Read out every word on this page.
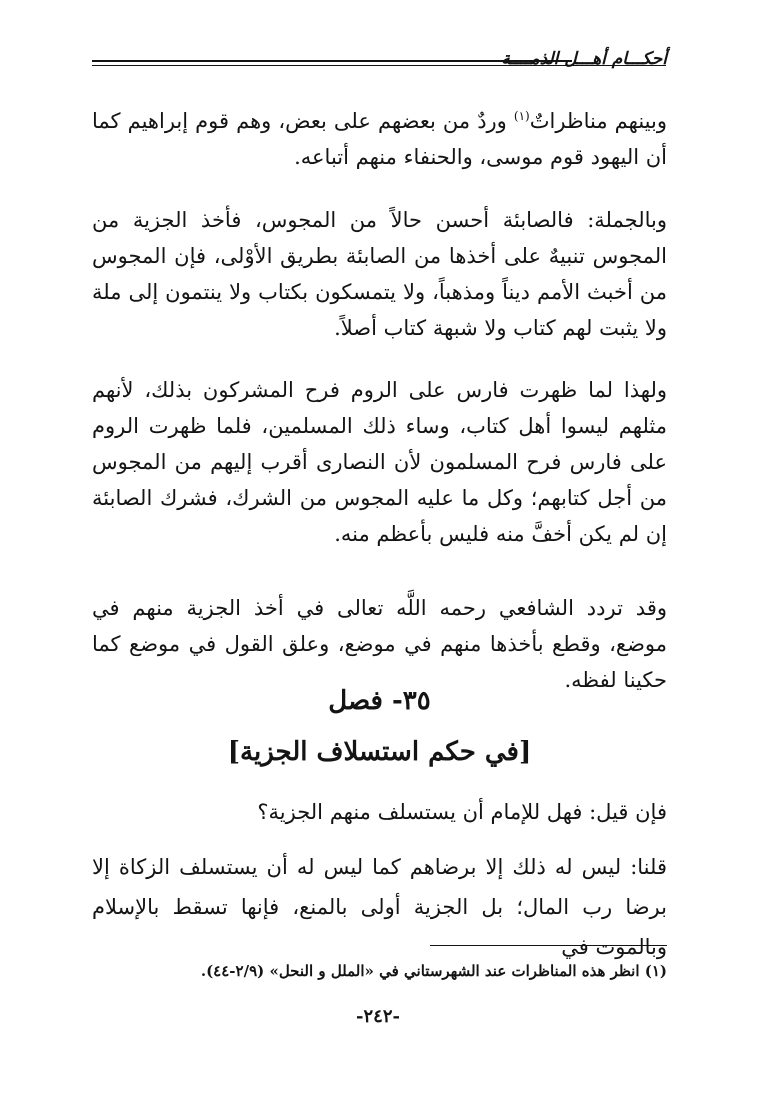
أحكـــام أهـــل الذمــــة

وبينهم مناظراتٌ$^{(١)}$ وردٌ من بعضهم على بعض، وهم قوم إبراهيم كما أن اليهود قوم موسى، والحنفاء منهم أتباعه.

وبالجملة: فالصابئة أحسن حالاً من المجوس، فأخذ الجزية من المجوس تنبيهٌ على أخذها من الصابئة بطريق الأوْلى، فإن المجوس من أخبث الأمم ديناً ومذهباً، ولا يتمسكون بكتاب ولا ينتمون إلى ملة ولا يثبت لهم كتاب ولا شبهة كتاب أصلاً.

ولهذا لما ظهرت فارس على الروم فرح المشركون بذلك، لأنهم مثلهم ليسوا أهل كتاب، وساء ذلك المسلمين، فلما ظهرت الروم على فارس فرح المسلمون لأن النصارى أقرب إليهم من المجوس من أجل كتابهم؛ وكل ما عليه المجوس من الشرك، فشرك الصابئة إن لم يكن أخفَّ منه فليس بأعظم منه.

وقد تردد الشافعي رحمه اللَّه تعالى في أخذ الجزية منهم في موضع، وقطع بأخذها منهم في موضع، وعلق القول في موضع كما حكينا لفظه.

٣٥- فصل
[في حكم استسلاف الجزية]
فإن قيل: فهل للإمام أن يستسلف منهم الجزية؟
قلنا: ليس له ذلك إلا برضاهم كما ليس له أن يستسلف الزكاة إلا برضا رب المال؛ بل الجزية أولى بالمنع، فإنها تسقط بالإسلام وبالموت في
(١) انظر هذه المناظرات عند الشهرستاني في «الملل و النحل» (٢/٩-٤٤).
-٢٤٢-
